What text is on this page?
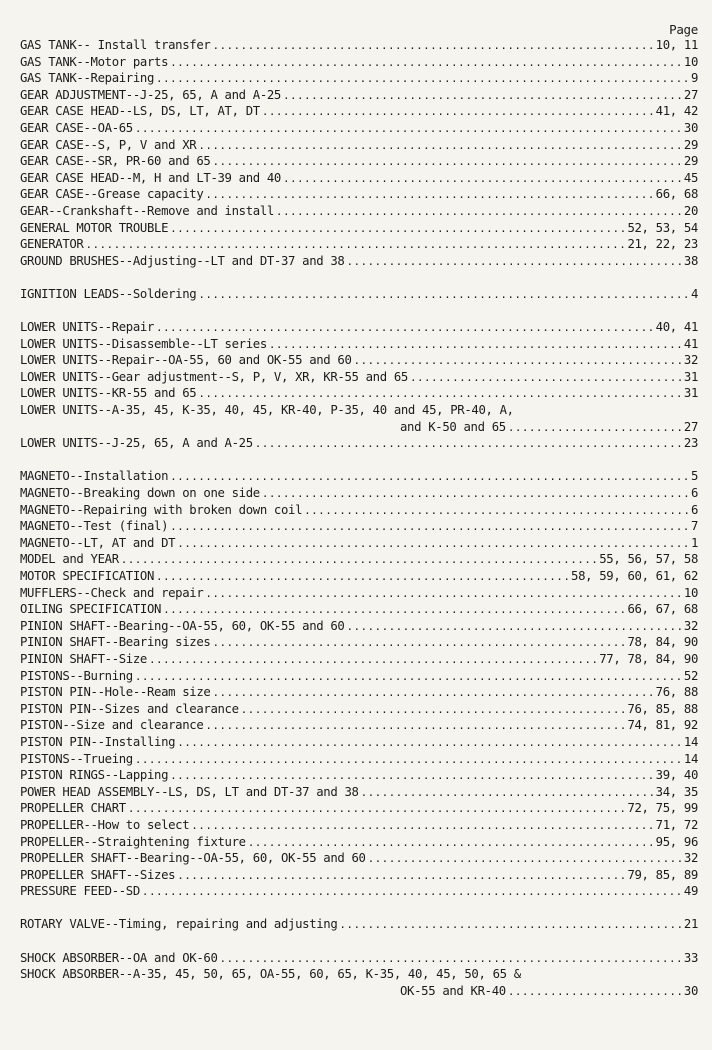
Page
GAS TANK-- Install transfer .....	10, 11
GAS TANK--Motor parts .....	10
GAS TANK--Repairing .....	9
GEAR ADJUSTMENT--J-25, 65, A and A-25 .....	27
GEAR CASE HEAD--LS, DS, LT, AT, DT .....	41, 42
GEAR CASE--OA-65 .....	30
GEAR CASE--S, P, V and XR .....	29
GEAR CASE--SR, PR-60 and 65 .....	29
GEAR CASE HEAD--M, H and LT-39 and 40 .....	45
GEAR CASE--Grease capacity .....	66, 68
GEAR--Crankshaft--Remove and install .....	20
GENERAL MOTOR TROUBLE .....	52, 53, 54
GENERATOR .....	21, 22, 23
GROUND BRUSHES--Adjusting--LT and DT-37 and 38 .....	38
IGNITION LEADS--Soldering .....	4
LOWER UNITS--Repair .....	40, 41
LOWER UNITS--Disassemble--LT series .....	41
LOWER UNITS--Repair--OA-55, 60 and OK-55 and 60 .....	32
LOWER UNITS--Gear adjustment--S, P, V, XR, KR-55 and 65 .....	31
LOWER UNITS--KR-55 and 65 .....	31
LOWER UNITS--A-35, 45, K-35, 40, 45, KR-40, P-35, 40 and 45, PR-40, A,
and K-50 and 65 .....	27
LOWER UNITS--J-25, 65, A and A-25 .....	23
MAGNETO--Installation .....	5
MAGNETO--Breaking down on one side .....	6
MAGNETO--Repairing with broken down coil .....	6
MAGNETO--Test (final) .....	7
MAGNETO--LT, AT and DT .....	1
MODEL and YEAR .....	55, 56, 57, 58
MOTOR SPECIFICATION .....	58, 59, 60, 61, 62
MUFFLERS--Check and repair .....	10
OILING SPECIFICATION .....	66, 67, 68
PINION SHAFT--Bearing--OA-55, 60, OK-55 and 60 .....	32
PINION SHAFT--Bearing sizes .....	78, 84, 90
PINION SHAFT--Size .....	77, 78, 84, 90
PISTONS--Burning .....	52
PISTON PIN--Hole--Ream size .....	76, 88
PISTON PIN--Sizes and clearance .....	76, 85, 88
PISTON--Size and clearance .....	74, 81, 92
PISTON PIN--Installing .....	14
PISTONS--Trueing .....	14
PISTON RINGS--Lapping .....	39, 40
POWER HEAD ASSEMBLY--LS, DS, LT and DT-37 and 38 .....	34, 35
PROPELLER CHART .....	72, 75, 99
PROPELLER--How to select .....	71, 72
PROPELLER--Straightening fixture .....	95, 96
PROPELLER SHAFT--Bearing--OA-55, 60, OK-55 and 60 .....	32
PROPELLER SHAFT--Sizes .....	79, 85, 89
PRESSURE FEED--SD .....	49
ROTARY VALVE--Timing, repairing and adjusting .....	21
SHOCK ABSORBER--OA and OK-60 .....	33
SHOCK ABSORBER--A-35, 45, 50, 65, OA-55, 60, 65, K-35, 40, 45, 50, 65 &
OK-55 and KR-40 .....	30
